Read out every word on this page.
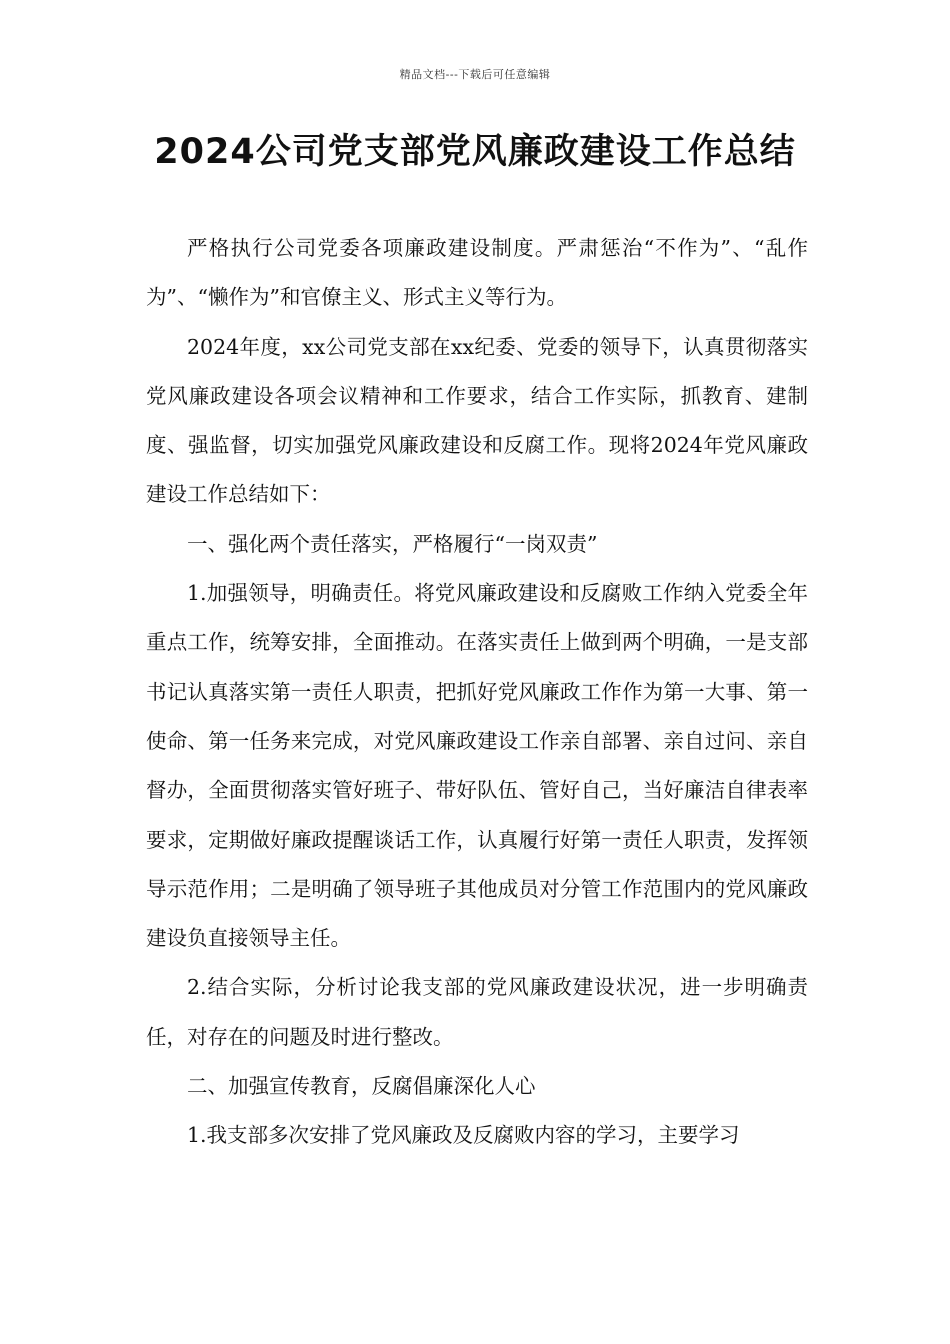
精品文档---下载后可任意编辑
2024公司党支部党风廉政建设工作总结

严格执行公司党委各项廉政建设制度。严肃惩治“不作为”、“乱作为”、“懒作为”和官僚主义、形式主义等行为。

2024年度，xx公司党支部在xx纪委、党委的领导下，认真贯彻落实党风廉政建设各项会议精神和工作要求，结合工作实际，抓教育、建制度、强监督，切实加强党风廉政建设和反腐工作。现将2024年党风廉政建设工作总结如下：

一、强化两个责任落实，严格履行“一岗双责”

1.加强领导，明确责任。将党风廉政建设和反腐败工作纳入党委全年重点工作，统筹安排，全面推动。在落实责任上做到两个明确，一是支部书记认真落实第一责任人职责，把抓好党风廉政工作作为第一大事、第一使命、第一任务来完成，对党风廉政建设工作亲自部署、亲自过问、亲自督办，全面贯彻落实管好班子、带好队伍、管好自己，当好廉洁自律表率要求，定期做好廉政提醒谈话工作，认真履行好第一责任人职责，发挥领导示范作用；二是明确了领导班子其他成员对分管工作范围内的党风廉政建设负直接领导主任。

2.结合实际，分析讨论我支部的党风廉政建设状况，进一步明确责任，对存在的问题及时进行整改。

二、加强宣传教育，反腐倡廉深化人心

1.我支部多次安排了党风廉政及反腐败内容的学习，主要学习
